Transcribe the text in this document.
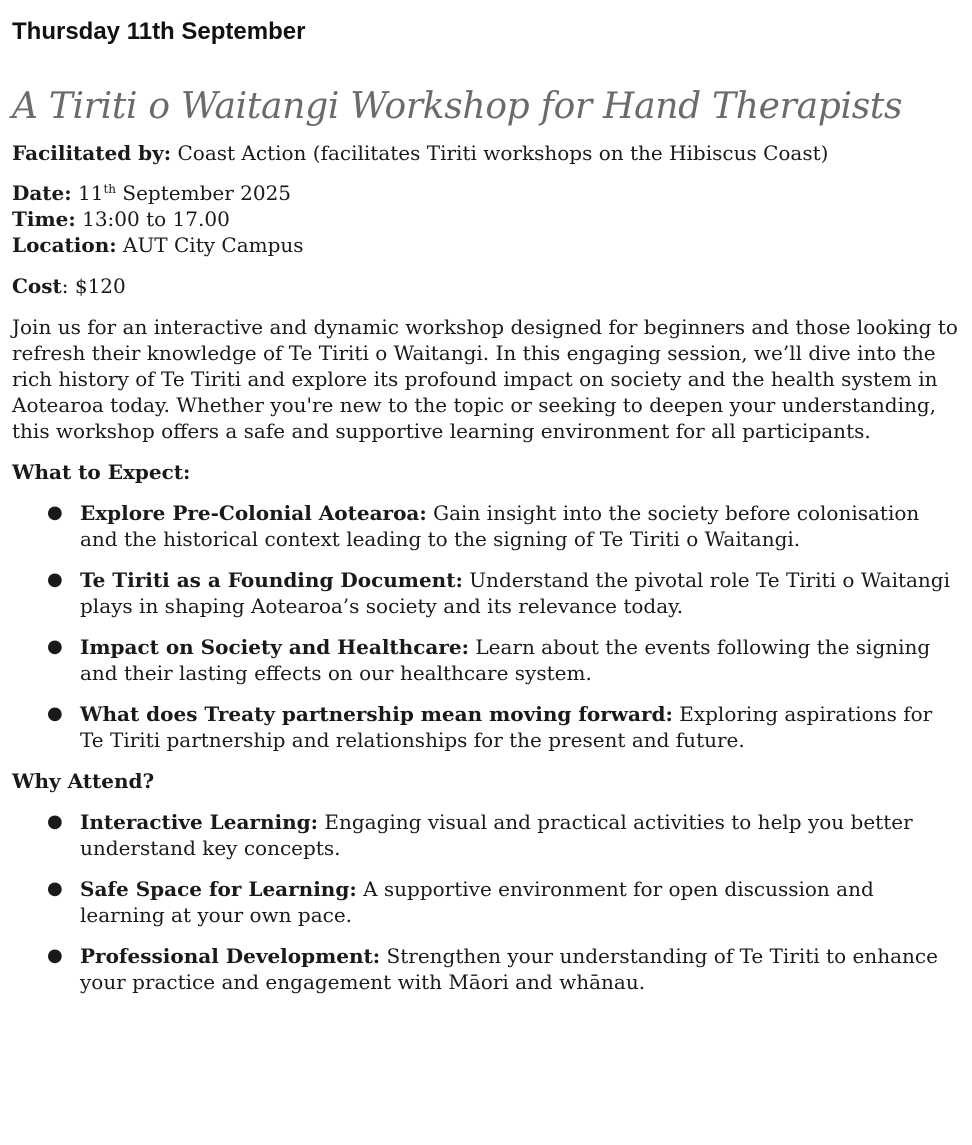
Thursday 11th September
A Tiriti o Waitangi Workshop for Hand Therapists

Facilitated by: Coast Action (facilitates Tiriti workshops on the Hibiscus Coast)

Date: 11th September 2025

Time: 13:00 to 17.00

Location: AUT City Campus

Cost: $120

Join us for an interactive and dynamic workshop designed for beginners and those looking to refresh their knowledge of Te Tiriti o Waitangi. In this engaging session, we’ll dive into the rich history of Te Tiriti and explore its profound impact on society and the health system in Aotearoa today. Whether you're new to the topic or seeking to deepen your understanding, this workshop offers a safe and supportive learning environment for all participants.

What to Expect:

● Explore Pre-Colonial Aotearoa: Gain insight into the society before colonisation and the historical context leading to the signing of Te Tiriti o Waitangi.
● Te Tiriti as a Founding Document: Understand the pivotal role Te Tiriti o Waitangi plays in shaping Aotearoa’s society and its relevance today.
● Impact on Society and Healthcare: Learn about the events following the signing and their lasting effects on our healthcare system.
● What does Treaty partnership mean moving forward: Exploring aspirations for Te Tiriti partnership and relationships for the present and future.

Why Attend?

● Interactive Learning: Engaging visual and practical activities to help you better understand key concepts.
● Safe Space for Learning: A supportive environment for open discussion and learning at your own pace.
● Professional Development: Strengthen your understanding of Te Tiriti to enhance your practice and engagement with Māori and whānau.
